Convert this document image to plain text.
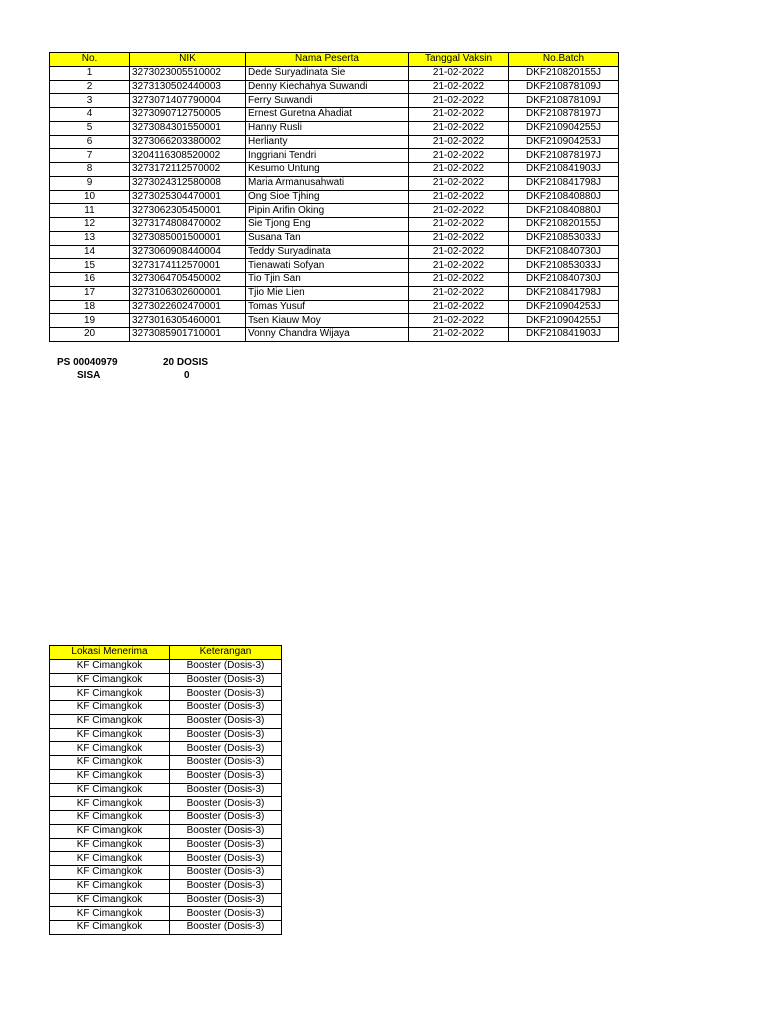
No.	NIK	Nama Peserta	Tanggal Vaksin	No.Batch
1	3273023005510002	Dede Suryadinata Sie	21-02-2022	DKF210820155J
2	3273130502440003	Denny Kiechahya Suwandi	21-02-2022	DKF210878109J
3	3273071407790004	Ferry Suwandi	21-02-2022	DKF210878109J
4	3273090712750005	Ernest Guretna Ahadiat	21-02-2022	DKF210878197J
5	3273084301550001	Hanny Rusli	21-02-2022	DKF210904255J
6	3273066203380002	Herlianty	21-02-2022	DKF210904253J
7	3204116308520002	Inggriani Tendri	21-02-2022	DKF210878197J
8	3273172112570002	Kesumo Untung	21-02-2022	DKF210841903J
9	3273024312580008	Maria Armanusahwati	21-02-2022	DKF210841798J
10	3273025304470001	Ong Sioe Tjhing	21-02-2022	DKF210840880J
11	3273062305450001	Pipin Arifin Oking	21-02-2022	DKF210840880J
12	3273174808470002	Sie Tjong Eng	21-02-2022	DKF210820155J
13	3273085001500001	Susana Tan	21-02-2022	DKF210853033J
14	3273060908440004	Teddy Suryadinata	21-02-2022	DKF210840730J
15	3273174112570001	Tienawati Sofyan	21-02-2022	DKF210853033J
16	3273064705450002	Tio Tjin San	21-02-2022	DKF210840730J
17	3273106302600001	Tjio Mie Lien	21-02-2022	DKF210841798J
18	3273022602470001	Tomas Yusuf	21-02-2022	DKF210904253J
19	3273016305460001	Tsen Kiauw Moy	21-02-2022	DKF210904255J
20	3273085901710001	Vonny Chandra Wijaya	21-02-2022	DKF210841903J
PS 00040979	20 DOSIS
SISA	0
Lokasi Menerima	Keterangan
KF Cimangkok	Booster (Dosis-3)
KF Cimangkok	Booster (Dosis-3)
KF Cimangkok	Booster (Dosis-3)
KF Cimangkok	Booster (Dosis-3)
KF Cimangkok	Booster (Dosis-3)
KF Cimangkok	Booster (Dosis-3)
KF Cimangkok	Booster (Dosis-3)
KF Cimangkok	Booster (Dosis-3)
KF Cimangkok	Booster (Dosis-3)
KF Cimangkok	Booster (Dosis-3)
KF Cimangkok	Booster (Dosis-3)
KF Cimangkok	Booster (Dosis-3)
KF Cimangkok	Booster (Dosis-3)
KF Cimangkok	Booster (Dosis-3)
KF Cimangkok	Booster (Dosis-3)
KF Cimangkok	Booster (Dosis-3)
KF Cimangkok	Booster (Dosis-3)
KF Cimangkok	Booster (Dosis-3)
KF Cimangkok	Booster (Dosis-3)
KF Cimangkok	Booster (Dosis-3)
